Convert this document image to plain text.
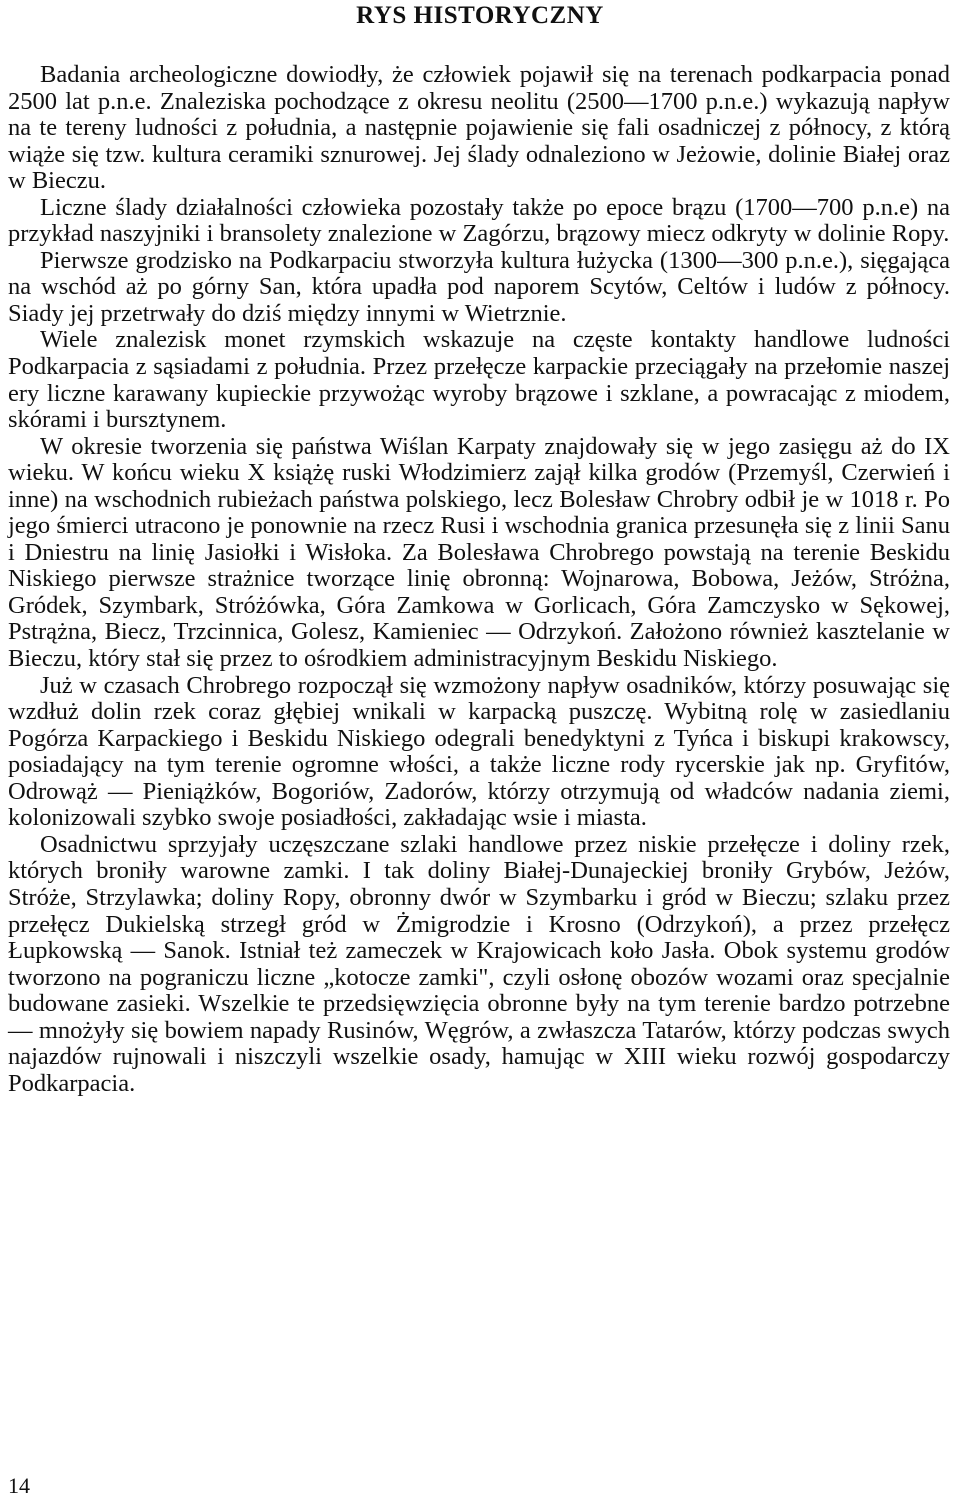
RYS HISTORYCZNY

Badania archeologiczne dowiodły, że człowiek pojawił się na terenach podkarpacia ponad 2500 lat p.n.e. Znaleziska pochodzące z okresu neolitu (2500—1700 p.n.e.) wykazują napływ na te tereny ludności z południa, a następnie pojawienie się fali osadniczej z północy, z którą wiąże się tzw. kultura ceramiki sznurowej. Jej ślady odnaleziono w Jeżowie, dolinie Białej oraz w Bieczu.

Liczne ślady działalności człowieka pozostały także po epoce brązu (1700—700 p.n.e) na przykład naszyjniki i bransolety znalezione w Zagórzu, brązowy miecz odkryty w dolinie Ropy.

Pierwsze grodzisko na Podkarpaciu stworzyła kultura łużycka (1300—300 p.n.e.), sięgająca na wschód aż po górny San, która upadła pod naporem Scytów, Celtów i ludów z północy. Siady jej przetrwały do dziś między innymi w Wietrznie.

Wiele znalezisk monet rzymskich wskazuje na częste kontakty handlowe ludności Podkarpacia z sąsiadami z południa. Przez przełęcze karpackie przeciągały na przełomie naszej ery liczne karawany kupieckie przywożąc wyroby brązowe i szklane, a powracając z miodem, skórami i bursztynem.

W okresie tworzenia się państwa Wiślan Karpaty znajdowały się w jego zasięgu aż do IX wieku. W końcu wieku X książę ruski Włodzimierz zajął kilka grodów (Przemyśl, Czerwień i inne) na wschodnich rubieżach państwa polskiego, lecz Bolesław Chrobry odbił je w 1018 r. Po jego śmierci utracono je ponownie na rzecz Rusi i wschodnia granica przesunęła się z linii Sanu i Dniestru na linię Jasiołki i Wisłoka. Za Bolesława Chrobrego powstają na terenie Beskidu Niskiego pierwsze strażnice tworzące linię obronną: Wojnarowa, Bobowa, Jeżów, Stróżna, Gródek, Szymbark, Stróżówka, Góra Zamkowa w Gorlicach, Góra Zamczysko w Sękowej, Pstrążna, Biecz, Trzcinnica, Golesz, Kamieniec — Odrzykoń. Założono również kasztelanie w Bieczu, który stał się przez to ośrodkiem administracyjnym Beskidu Niskiego.

Już w czasach Chrobrego rozpoczął się wzmożony napływ osadników, którzy posuwając się wzdłuż dolin rzek coraz głębiej wnikali w karpacką puszczę. Wybitną rolę w zasiedlaniu Pogórza Karpackiego i Beskidu Niskiego odegrali benedyktyni z Tyńca i biskupi krakowscy, posiadający na tym terenie ogromne włości, a także liczne rody rycerskie jak np. Gryfitów, Odrowąż — Pieniążków, Bogoriów, Zadorów, którzy otrzymują od władców nadania ziemi, kolonizowali szybko swoje posiadłości, zakładając wsie i miasta.

Osadnictwu sprzyjały uczęszczane szlaki handlowe przez niskie przełęcze i doliny rzek, których broniły warowne zamki. I tak doliny Białej-Dunajeckiej broniły Grybów, Jeżów, Stróże, Strzylawka; doliny Ropy, obronny dwór w Szymbarku i gród w Bieczu; szlaku przez przełęcz Dukielską strzegł gród w Żmigrodzie i Krosno (Odrzykoń), a przez przełęcz Łupkowską — Sanok. Istniał też zameczek w Krajowicach koło Jasła. Obok systemu grodów tworzono na pograniczu liczne „kotocze zamki", czyli osłonę obozów wozami oraz specjalnie budowane zasieki. Wszelkie te przedsięwzięcia obronne były na tym terenie bardzo potrzebne — mnożyły się bowiem napady Rusinów, Węgrów, a zwłaszcza Tatarów, którzy podczas swych najazdów rujnowali i niszczyli wszelkie osady, hamując w XIII wieku rozwój gospodarczy Podkarpacia.

14
